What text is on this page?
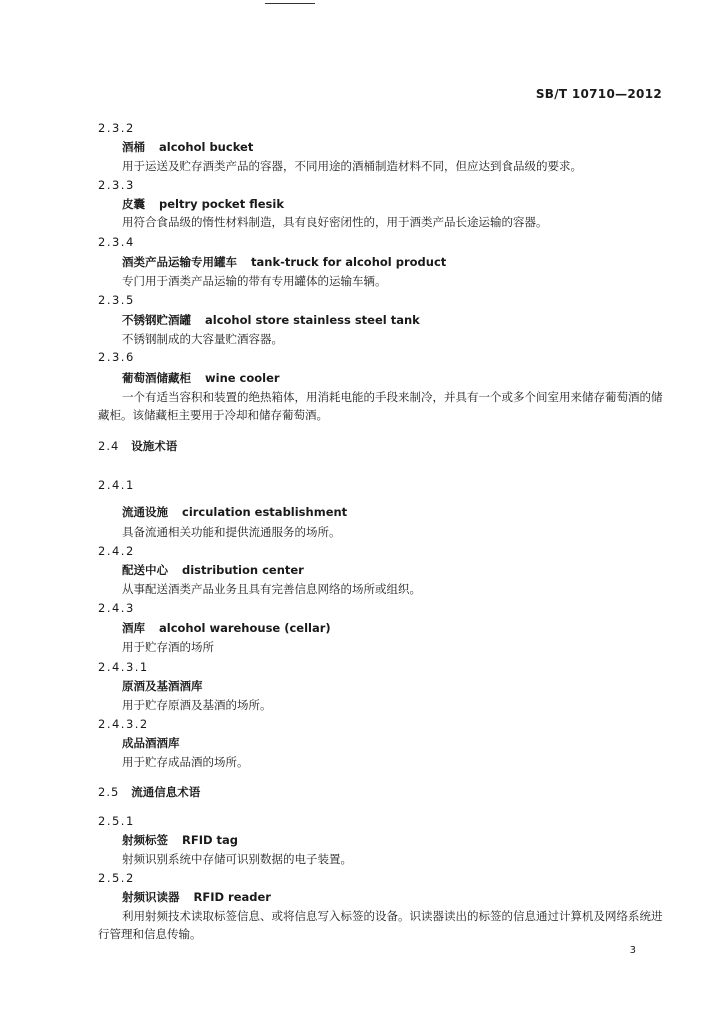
SB/T 10710—2012
2.3.2
酒桶 alcohol bucket
用于运送及贮存酒类产品的容器，不同用途的酒桶制造材料不同，但应达到食品级的要求。
2.3.3
皮囊 peltry pocket flesik
用符合食品级的惰性材料制造，具有良好密闭性的，用于酒类产品长途运输的容器。
2.3.4
酒类产品运输专用罐车 tank-truck for alcohol product
专门用于酒类产品运输的带有专用罐体的运输车辆。
2.3.5
不锈钢贮酒罐 alcohol store stainless steel tank
不锈钢制成的大容量贮酒容器。
2.3.6
葡萄酒储藏柜 wine cooler
一个有适当容积和装置的绝热箱体，用消耗电能的手段来制冷，并具有一个或多个间室用来储存葡萄酒的储藏柜。该储藏柜主要用于冷却和储存葡萄酒。
2.4 设施术语
2.4.1
流通设施 circulation establishment
具备流通相关功能和提供流通服务的场所。
2.4.2
配送中心 distribution center
从事配送酒类产品业务且具有完善信息网络的场所或组织。
2.4.3
酒库 alcohol warehouse (cellar)
用于贮存酒的场所
2.4.3.1
原酒及基酒酒库
用于贮存原酒及基酒的场所。
2.4.3.2
成品酒酒库
用于贮存成品酒的场所。
2.5 流通信息术语
2.5.1
射频标签 RFID tag
射频识别系统中存储可识别数据的电子装置。
2.5.2
射频识读器 RFID reader
利用射频技术读取标签信息、或将信息写入标签的设备。识读器读出的标签的信息通过计算机及网络系统进行管理和信息传输。
3
